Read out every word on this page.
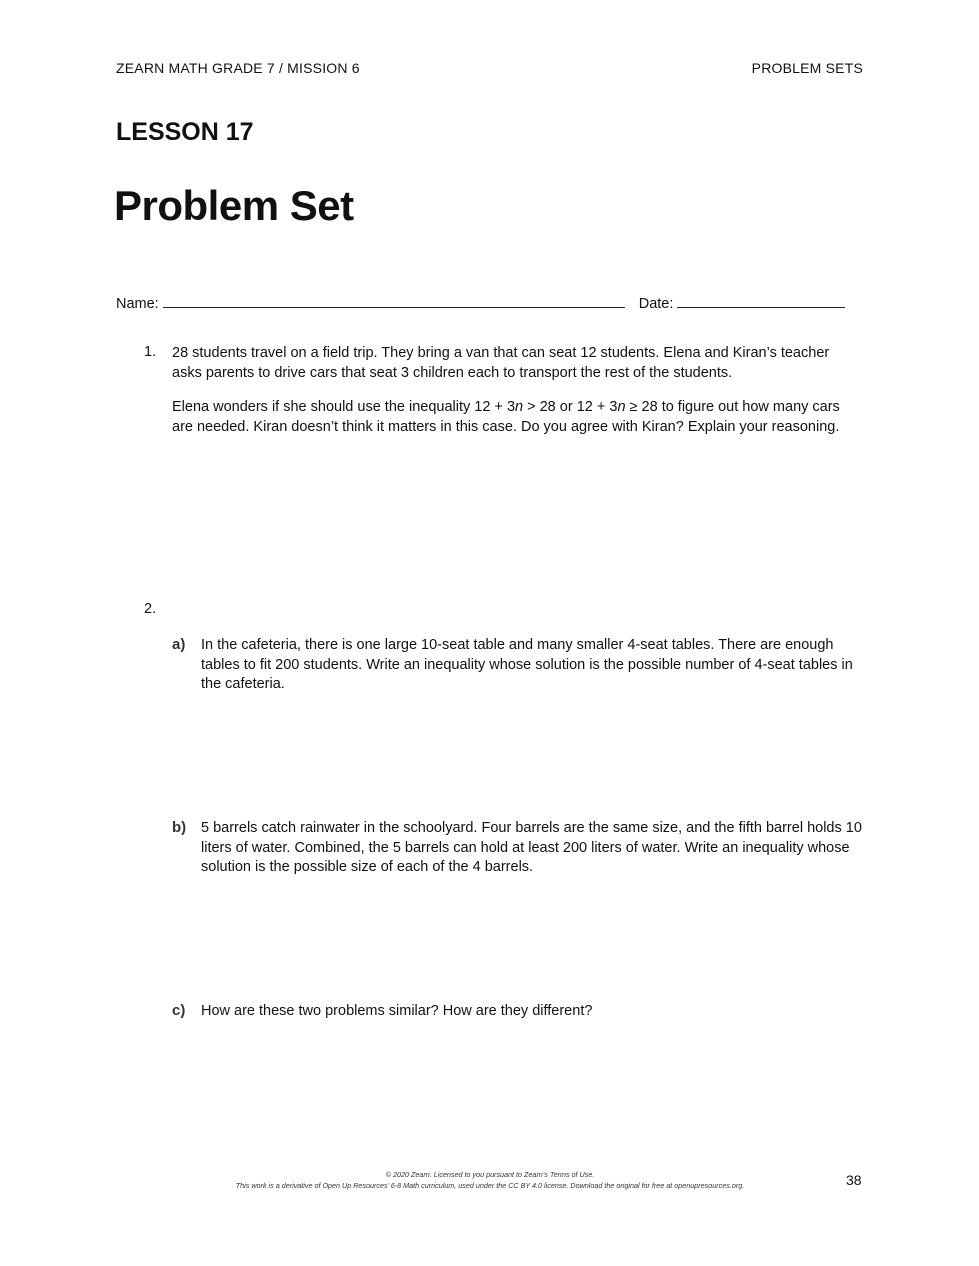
ZEARN MATH GRADE 7 / MISSION 6	PROBLEM SETS
LESSON 17
Problem Set
Name:	Date:
1. 28 students travel on a field trip. They bring a van that can seat 12 students. Elena and Kiran’s teacher asks parents to drive cars that seat 3 children each to transport the rest of the students.
Elena wonders if she should use the inequality 12 + 3n > 28 or 12 + 3n ≥ 28 to figure out how many cars are needed. Kiran doesn’t think it matters in this case. Do you agree with Kiran? Explain your reasoning.
2.
a) In the cafeteria, there is one large 10-seat table and many smaller 4-seat tables. There are enough tables to fit 200 students. Write an inequality whose solution is the possible number of 4-seat tables in the cafeteria.
b) 5 barrels catch rainwater in the schoolyard. Four barrels are the same size, and the fifth barrel holds 10 liters of water. Combined, the 5 barrels can hold at least 200 liters of water. Write an inequality whose solution is the possible size of each of the 4 barrels.
c) How are these two problems similar? How are they different?
© 2020 Zearn. Licensed to you pursuant to Zearn’s Terms of Use.
This work is a derivative of Open Up Resources’ 6-8 Math curriculum, used under the CC BY 4.0 license. Download the original for free at openupresources.org.	38
